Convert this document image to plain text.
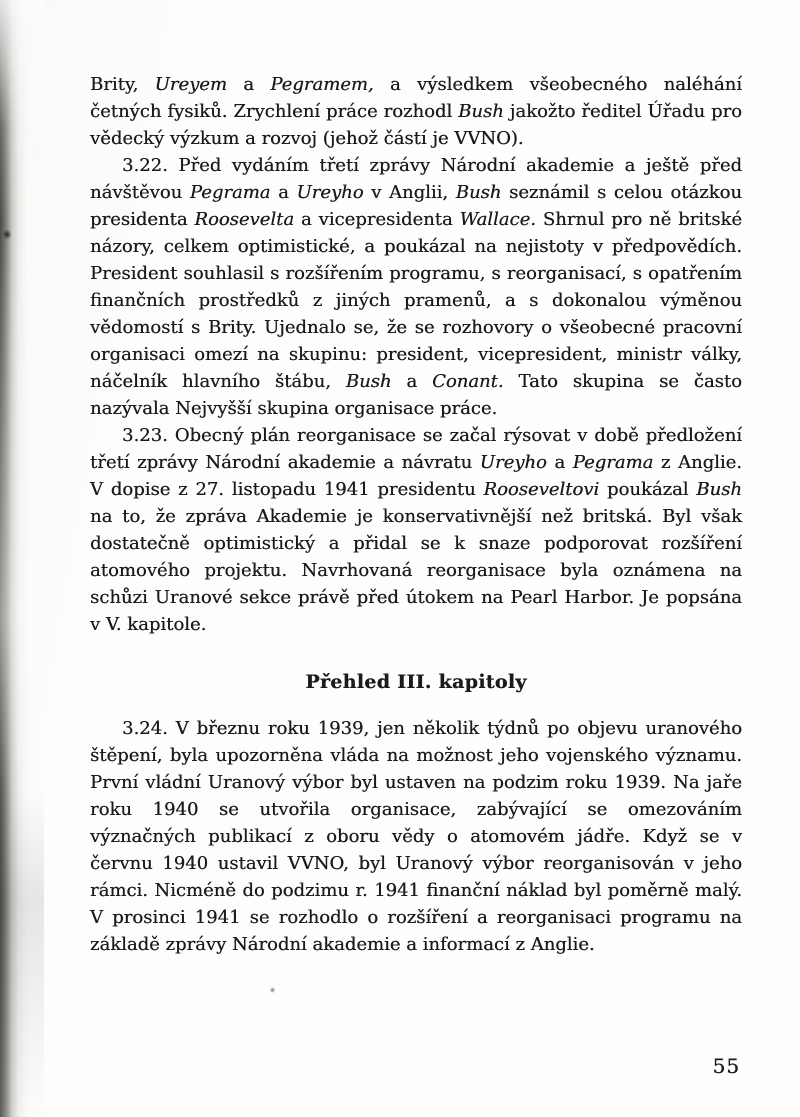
Brity, Ureyem a Pegramem, a výsledkem všeobecného naléhání četných fysiků. Zrychlení práce rozhodl Bush jakožto ředitel Úřadu pro vědecký výzkum a rozvoj (jehož částí je VVNO).

3.22. Před vydáním třetí zprávy Národní akademie a ještě před návštěvou Pegrama a Ureyho v Anglii, Bush seznámil s celou otázkou presidenta Roosevelta a vicepresidenta Wallace. Shrnul pro ně britské názory, celkem optimistické, a poukázal na nejistoty v předpovědích. President souhlasil s rozšířením programu, s reorganisací, s opatřením finančních prostředků z jiných pramenů, a s dokonalou výměnou vědomostí s Brity. Ujednalo se, že se rozhovory o všeobecné pracovní organisaci omezí na skupinu: president, vicepresident, ministr války, náčelník hlavního štábu, Bush a Conant. Tato skupina se často nazývala Nejvyšší skupina organisace práce.

3.23. Obecný plán reorganisace se začal rýsovat v době předložení třetí zprávy Národní akademie a návratu Ureyho a Pegrama z Anglie. V dopise z 27. listopadu 1941 presidentu Rooseveltovi poukázal Bush na to, že zpráva Akademie je konservativnější než britská. Byl však dostatečně optimistický a přidal se k snaze podporovat rozšíření atomového projektu. Navrhovaná reorganisace byla oznámena na schůzi Uranové sekce právě před útokem na Pearl Harbor. Je popsána v V. kapitole.

Přehled III. kapitoly

3.24. V březnu roku 1939, jen několik týdnů po objevu uranového štěpení, byla upozorněna vláda na možnost jeho vojenského významu. První vládní Uranový výbor byl ustaven na podzim roku 1939. Na jaře roku 1940 se utvořila organisace, zabývající se omezováním význačných publikací z oboru vědy o atomovém jádře. Když se v červnu 1940 ustavil VVNO, byl Uranový výbor reorganisován v jeho rámci. Nicméně do podzimu r. 1941 finanční náklad byl poměrně malý. V prosinci 1941 se rozhodlo o rozšíření a reorganisaci programu na základě zprávy Národní akademie a informací z Anglie.

55
